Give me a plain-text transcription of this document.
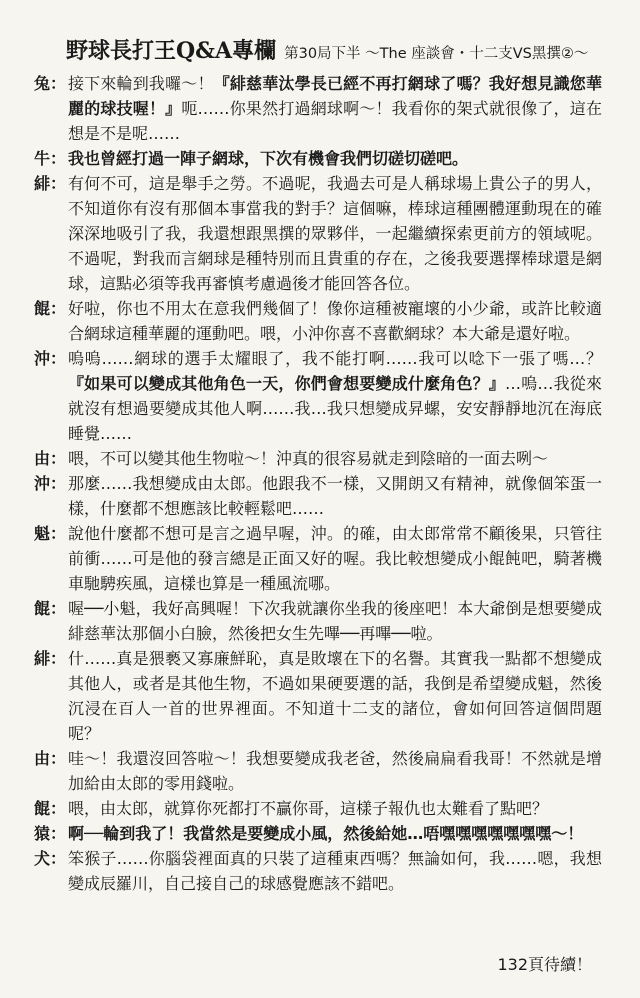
野球長打王Q&A專欄 第30局下半 ～The 座談會・十二支VS黑撰②～
兔： 接下來輪到我囉～！『緋慈華汰學長已經不再打網球了嗎？我好想見識您華麗的球技喔！』呃……你果然打過網球啊～！我看你的架式就很像了，這在想是不是呢……
牛： 我也曾經打過一陣子網球，下次有機會我們切磋切磋吧。
緋： 有何不可，這是舉手之勞。不過呢，我過去可是人稱球場上貴公子的男人，不知道你有沒有那個本事當我的對手？這個嘛，棒球這種團體運動現在的確深深地吸引了我，我還想跟黑撰的眾夥伴，一起繼續探索更前方的領域呢。不過呢，對我而言網球是種特別而且貴重的存在，之後我要選擇棒球還是網球，這點必須等我再審慎考慮過後才能回答各位。
餛： 好啦，你也不用太在意我們幾個了！像你這種被寵壞的小少爺，或許比較適合網球這種華麗的運動吧。喂，小沖你喜不喜歡網球？本大爺是還好啦。
沖： 嗚嗚……網球的選手太耀眼了，我不能打啊……我可以唸下一張了嗎…？『如果可以變成其他角色一天，你們會想要變成什麼角色？』…嗚…我從來就沒有想過要變成其他人啊……我…我只想變成昇螺，安安靜靜地沉在海底睡覺……
由： 喂，不可以變其他生物啦～！沖真的很容易就走到陰暗的一面去咧～
沖： 那麼……我想變成由太郎。他跟我不一樣，又開朗又有精神，就像個笨蛋一樣，什麼都不想應該比較輕鬆吧……
魁： 說他什麼都不想可是言之過早喔，沖。的確，由太郎常常不顧後果，只管往前衝……可是他的發言總是正面又好的喔。我比較想變成小餛飩吧，騎著機車馳騁疾風，這樣也算是一種風流哪。
餛： 喔──小魁，我好高興喔！下次我就讓你坐我的後座吧！本大爺倒是想要變成緋慈華汰那個小白臉，然後把女生先嗶──再嗶──啦。
緋： 什……真是猥褻又寡廉鮮恥，真是敗壞在下的名譽。其實我一點都不想變成其他人，或者是其他生物，不過如果硬要選的話，我倒是希望變成魁，然後沉浸在百人一首的世界裡面。不知道十二支的諸位，會如何回答這個問題呢？
由： 哇～！我還沒回答啦～！我想要變成我老爸，然後扁扁看我哥！不然就是增加給由太郎的零用錢啦。
餛： 喂，由太郎，就算你死都打不贏你哥，這樣子報仇也太難看了點吧？
猿： 啊──輪到我了！我當然是要變成小風，然後給她…唔嘿嘿嘿嘿嘿嘿嘿～！
犬： 笨猴子……你腦袋裡面真的只裝了這種東西嗎？無論如何，我……嗯，我想變成辰羅川，自己接自己的球感覺應該不錯吧。
132頁待續！
